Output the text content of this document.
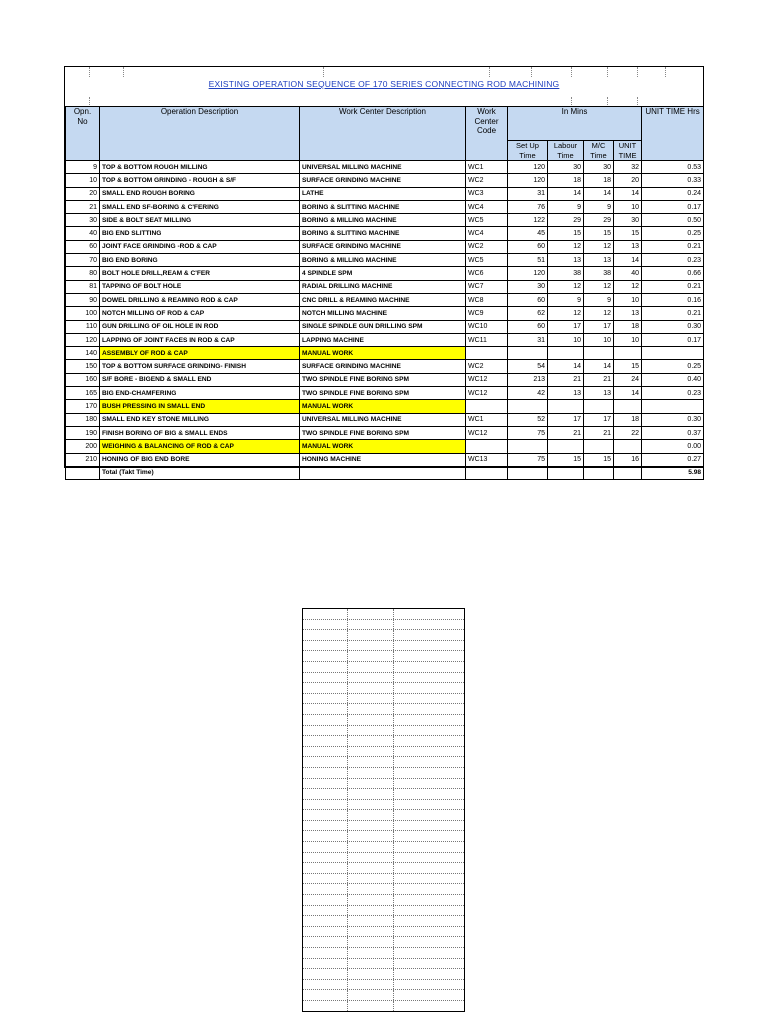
EXISTING OPERATION SEQUENCE OF 170 SERIES CONNECTING ROD MACHINING
Opn. No	Operation Description	Work Center Description	Work Center Code	In Mins				UNIT TIME Hrs
				Set Up Time	Labour Time	M/C Time	UNIT TIME	
9	TOP & BOTTOM ROUGH MILLING	UNIVERSAL MILLING MACHINE	WC1	120	30	30	32	0.53
10	TOP & BOTTOM GRINDING - ROUGH & S/F	SURFACE GRINDING MACHINE	WC2	120	18	18	20	0.33
20	SMALL END ROUGH BORING	LATHE	WC3	31	14	14	14	0.24
21	SMALL END SF-BORING & C'FERING	BORING & SLITTING MACHINE	WC4	76	9	9	10	0.17
30	SIDE & BOLT SEAT MILLING	BORING & MILLING MACHINE	WC5	122	29	29	30	0.50
40	BIG END SLITTING	BORING & SLITTING MACHINE	WC4	45	15	15	15	0.25
60	JOINT FACE GRINDING -ROD & CAP	SURFACE GRINDING MACHINE	WC2	60	12	12	13	0.21
70	BIG END BORING	BORING & MILLING MACHINE	WC5	51	13	13	14	0.23
80	BOLT HOLE DRILL,REAM & C'FER	4 SPINDLE SPM	WC6	120	38	38	40	0.66
81	TAPPING OF BOLT HOLE	RADIAL DRILLING MACHINE	WC7	30	12	12	12	0.21
90	DOWEL DRILLING & REAMING ROD & CAP	CNC DRILL & REAMING MACHINE	WC8	60	9	9	10	0.16
100	NOTCH MILLING OF ROD & CAP	NOTCH MILLING MACHINE	WC9	62	12	12	13	0.21
110	GUN DRILLING OF OIL HOLE IN ROD	SINGLE SPINDLE GUN DRILLING SPM	WC10	60	17	17	18	0.30
120	LAPPING OF JOINT FACES IN ROD & CAP	LAPPING MACHINE	WC11	31	10	10	10	0.17
140	ASSEMBLY OF ROD & CAP	MANUAL WORK						
150	TOP & BOTTOM SURFACE GRINDING- FINISH	SURFACE GRINDING MACHINE	WC2	54	14	14	15	0.25
160	S/F BORE - BIGEND & SMALL END	TWO SPINDLE FINE BORING SPM	WC12	213	21	21	24	0.40
165	BIG END-CHAMFERING	TWO SPINDLE FINE BORING SPM	WC12	42	13	13	14	0.23
170	BUSH PRESSING IN SMALL END	MANUAL WORK						
180	SMALL END KEY STONE MILLING	UNIVERSAL MILLING MACHINE	WC1	52	17	17	18	0.30
190	FINISH BORING OF BIG & SMALL ENDS	TWO SPINDLE FINE BORING SPM	WC12	75	21	21	22	0.37
200	WEIGHING & BALANCING OF ROD & CAP	MANUAL WORK						0.00
210	HONING OF BIG END BORE	HONING MACHINE	WC13	75	15	15	16	0.27
	Total (Takt Time)							5.98
